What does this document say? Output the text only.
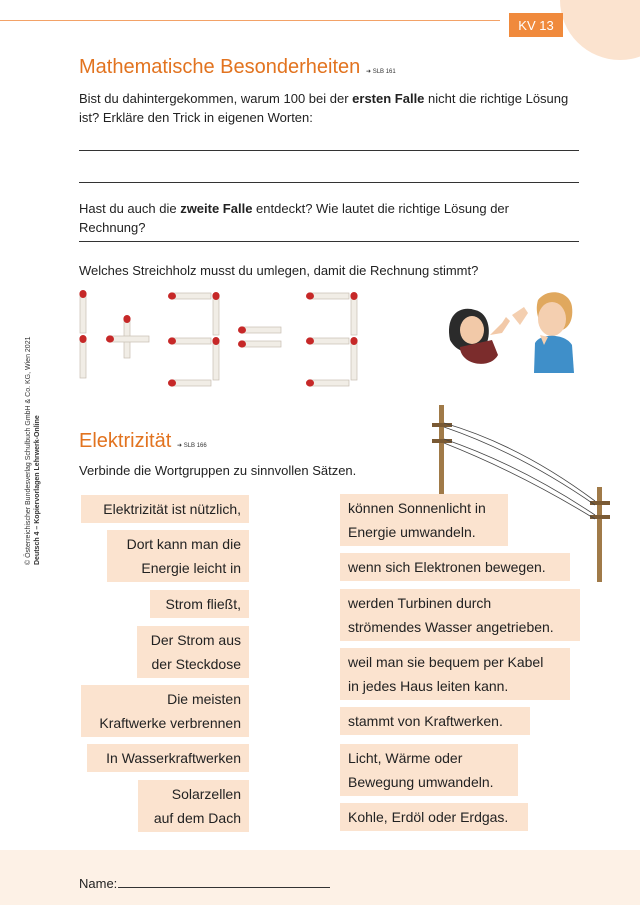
KV 13
© Österreichischer Bundesverlag Schulbuch GmbH & Co. KG, Wien 2021 Deutsch 4 – Kopiervorlagen Lehrwerk-Online
Mathematische Besonderheiten ➜ SLB 161
Bist du dahintergekommen, warum 100 bei der ersten Falle nicht die richtige Lösung ist? Erkläre den Trick in eigenen Worten:
Hast du auch die zweite Falle entdeckt? Wie lautet die richtige Lösung der Rechnung?
Welches Streichholz musst du umlegen, damit die Rechnung stimmt?
Elektrizität ➜ SLB 166
Verbinde die Wortgruppen zu sinnvollen Sätzen.
Elektrizität ist nützlich,
Dort kann man die
Energie leicht in
Strom fließt,
Der Strom aus
der Steckdose
Die meisten
Kraftwerke verbrennen
In Wasserkraftwerken
Solarzellen
auf dem Dach
können Sonnenlicht in
Energie umwandeln.
wenn sich Elektronen bewegen.
werden Turbinen durch
strömendes Wasser angetrieben.
weil man sie bequem per Kabel
in jedes Haus leiten kann.
stammt von Kraftwerken.
Licht, Wärme oder
Bewegung umwandeln.
Kohle, Erdöl oder Erdgas.
Name:
